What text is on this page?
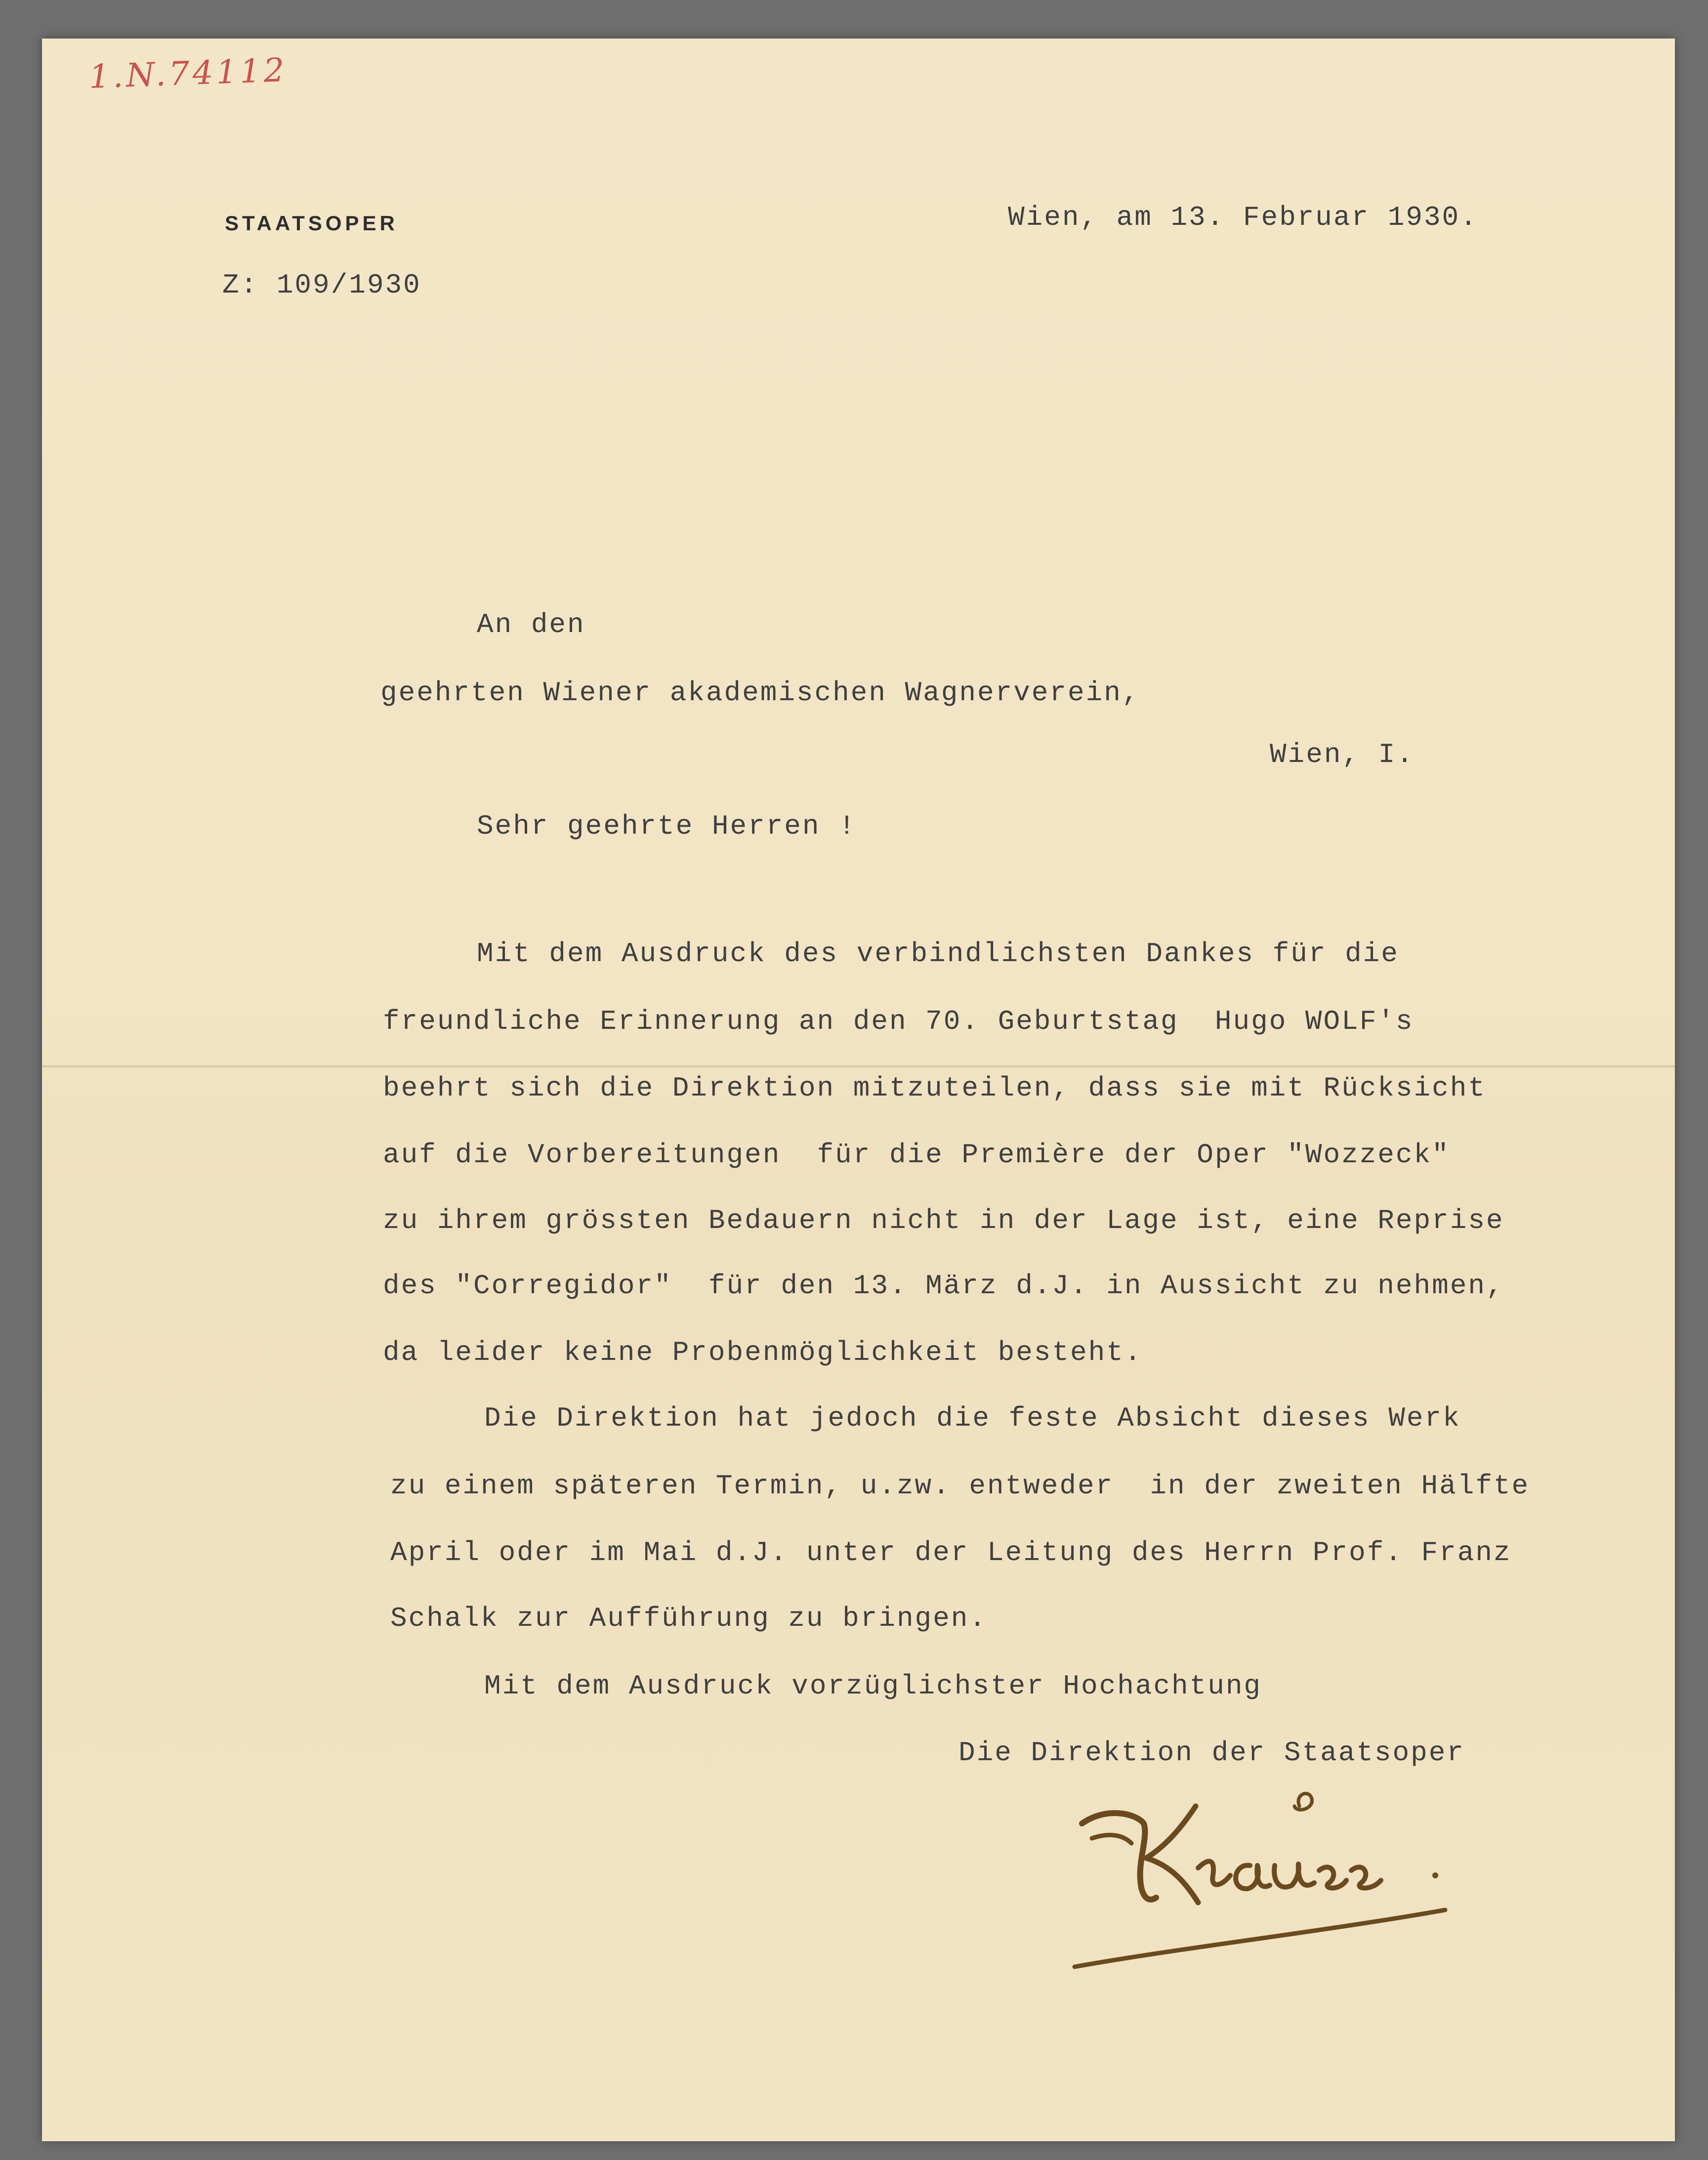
1.N.74112
STAATSOPER
Z: 109/1930
Wien, am 13. Februar 1930.
An den
geehrten Wiener akademischen Wagnerverein,
Wien, I.
Sehr geehrte Herren !
Mit dem Ausdruck des verbindlichsten Dankes für die
freundliche Erinnerung an den 70. Geburtstag  Hugo WOLF's
beehrt sich die Direktion mitzuteilen, dass sie mit Rücksicht
auf die Vorbereitungen  für die Première der Oper "Wozzeck"
zu ihrem grössten Bedauern nicht in der Lage ist, eine Reprise
des "Corregidor"  für den 13. März d.J. in Aussicht zu nehmen,
da leider keine Probenmöglichkeit besteht.
Die Direktion hat jedoch die feste Absicht dieses Werk
zu einem späteren Termin, u.zw. entweder  in der zweiten Hälfte
April oder im Mai d.J. unter der Leitung des Herrn Prof. Franz
Schalk zur Aufführung zu bringen.
Mit dem Ausdruck vorzüglichster Hochachtung
Die Direktion der Staatsoper
